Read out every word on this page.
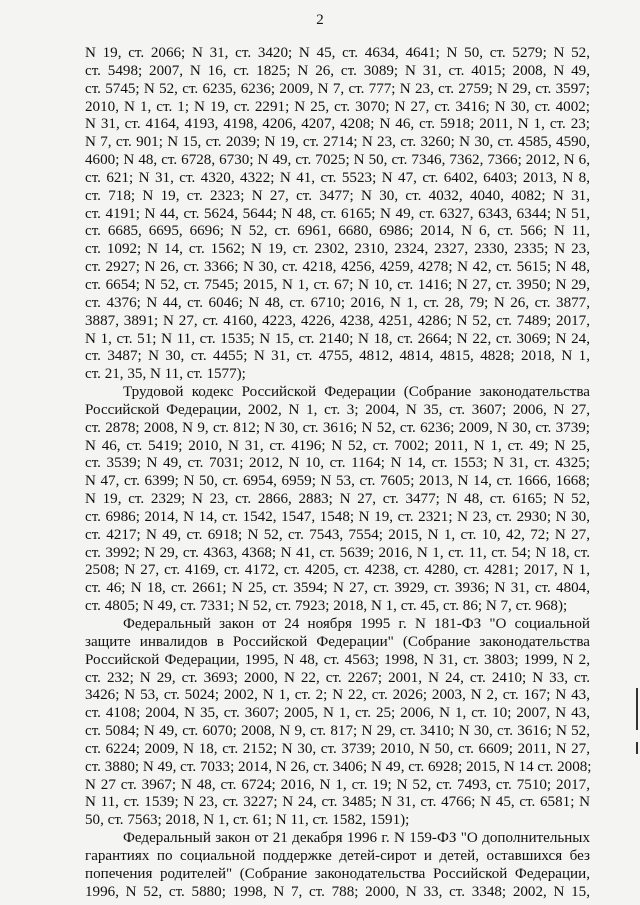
2
N 19, ст. 2066; N 31, ст. 3420; N 45, ст. 4634, 4641; N 50, ст. 5279; N 52,
ст. 5498; 2007, N 16, ст. 1825; N 26, ст. 3089; N 31, ст. 4015; 2008, N 49,
ст. 5745; N 52, ст. 6235, 6236; 2009, N 7, ст. 777; N 23, ст. 2759; N 29, ст. 3597;
2010, N 1, ст. 1; N 19, ст. 2291; N 25, ст. 3070; N 27, ст. 3416; N 30, ст. 4002;
N 31, ст. 4164, 4193, 4198, 4206, 4207, 4208; N 46, ст. 5918; 2011, N 1, ст. 23;
N 7, ст. 901; N 15, ст. 2039; N 19, ст. 2714; N 23, ст. 3260; N 30, ст. 4585, 4590,
4600; N 48, ст. 6728, 6730; N 49, ст. 7025; N 50, ст. 7346, 7362, 7366; 2012, N 6,
ст. 621; N 31, ст. 4320, 4322; N 41, ст. 5523; N 47, ст. 6402, 6403; 2013, N 8,
ст. 718; N 19, ст. 2323; N 27, ст. 3477; N 30, ст. 4032, 4040, 4082; N 31,
ст. 4191; N 44, ст. 5624, 5644; N 48, ст. 6165; N 49, ст. 6327, 6343, 6344; N 51,
ст. 6685, 6695, 6696; N 52, ст. 6961, 6680, 6986; 2014, N 6, ст. 566; N 11,
ст. 1092; N 14, ст. 1562; N 19, ст. 2302, 2310, 2324, 2327, 2330, 2335; N 23,
ст. 2927; N 26, ст. 3366; N 30, ст. 4218, 4256, 4259, 4278; N 42, ст. 5615; N 48,
ст. 6654; N 52, ст. 7545; 2015, N 1, ст. 67; N 10, ст. 1416; N 27, ст. 3950; N 29,
ст. 4376; N 44, ст. 6046; N 48, ст. 6710; 2016, N 1, ст. 28, 79; N 26, ст. 3877,
3887, 3891; N 27, ст. 4160, 4223, 4226, 4238, 4251, 4286; N 52, ст. 7489; 2017,
N 1, ст. 51; N 11, ст. 1535; N 15, ст. 2140; N 18, ст. 2664; N 22, ст. 3069; N 24,
ст. 3487; N 30, ст. 4455; N 31, ст. 4755, 4812, 4814, 4815, 4828; 2018, N 1,
ст. 21, 35, N 11, ст. 1577);
Трудовой кодекс Российской Федерации (Собрание законодательства
Российской Федерации, 2002, N 1, ст. 3; 2004, N 35, ст. 3607; 2006, N 27,
ст. 2878; 2008, N 9, ст. 812; N 30, ст. 3616; N 52, ст. 6236; 2009, N 30, ст. 3739;
N 46, ст. 5419; 2010, N 31, ст. 4196; N 52, ст. 7002; 2011, N 1, ст. 49; N 25,
ст. 3539; N 49, ст. 7031; 2012, N 10, ст. 1164; N 14, ст. 1553; N 31, ст. 4325;
N 47, ст. 6399; N 50, ст. 6954, 6959; N 53, ст. 7605; 2013, N 14, ст. 1666, 1668;
N 19, ст. 2329; N 23, ст. 2866, 2883; N 27, ст. 3477; N 48, ст. 6165; N 52,
ст. 6986; 2014, N 14, ст. 1542, 1547, 1548; N 19, ст. 2321; N 23, ст. 2930; N 30,
ст. 4217; N 49, ст. 6918; N 52, ст. 7543, 7554; 2015, N 1, ст. 10, 42, 72; N 27,
ст. 3992; N 29, ст. 4363, 4368; N 41, ст. 5639; 2016, N 1, ст. 11, ст. 54; N 18, ст.
2508; N 27, ст. 4169, ст. 4172, ст. 4205, ст. 4238, ст. 4280, ст. 4281; 2017, N 1,
ст. 46; N 18, ст. 2661; N 25, ст. 3594; N 27, ст. 3929, ст. 3936; N 31, ст. 4804,
ст. 4805; N 49, ст. 7331; N 52, ст. 7923; 2018, N 1, ст. 45, ст. 86; N 7, ст. 968);
Федеральный закон от 24 ноября 1995 г. N 181-ФЗ "О социальной
защите инвалидов в Российской Федерации" (Собрание законодательства
Российской Федерации, 1995, N 48, ст. 4563; 1998, N 31, ст. 3803; 1999, N 2,
ст. 232; N 29, ст. 3693; 2000, N 22, ст. 2267; 2001, N 24, ст. 2410; N 33, ст.
3426; N 53, ст. 5024; 2002, N 1, ст. 2; N 22, ст. 2026; 2003, N 2, ст. 167; N 43,
ст. 4108; 2004, N 35, ст. 3607; 2005, N 1, ст. 25; 2006, N 1, ст. 10; 2007, N 43,
ст. 5084; N 49, ст. 6070; 2008, N 9, ст. 817; N 29, ст. 3410; N 30, ст. 3616; N 52,
ст. 6224; 2009, N 18, ст. 2152; N 30, ст. 3739; 2010, N 50, ст. 6609; 2011, N 27,
ст. 3880; N 49, ст. 7033; 2014, N 26, ст. 3406; N 49, ст. 6928; 2015, N 14 ст. 2008;
N 27 ст. 3967; N 48, ст. 6724; 2016, N 1, ст. 19; N 52, ст. 7493, ст. 7510; 2017,
N 11, ст. 1539; N 23, ст. 3227; N 24, ст. 3485; N 31, ст. 4766; N 45, ст. 6581; N
50, ст. 7563; 2018, N 1, ст. 61; N 11, ст. 1582, 1591);
Федеральный закон от 21 декабря 1996 г. N 159-ФЗ "О дополнительных
гарантиях по социальной поддержке детей-сирот и детей, оставшихся без
попечения родителей" (Собрание законодательства Российской Федерации,
1996, N 52, ст. 5880; 1998, N 7, ст. 788; 2000, N 33, ст. 3348; 2002, N 15,
